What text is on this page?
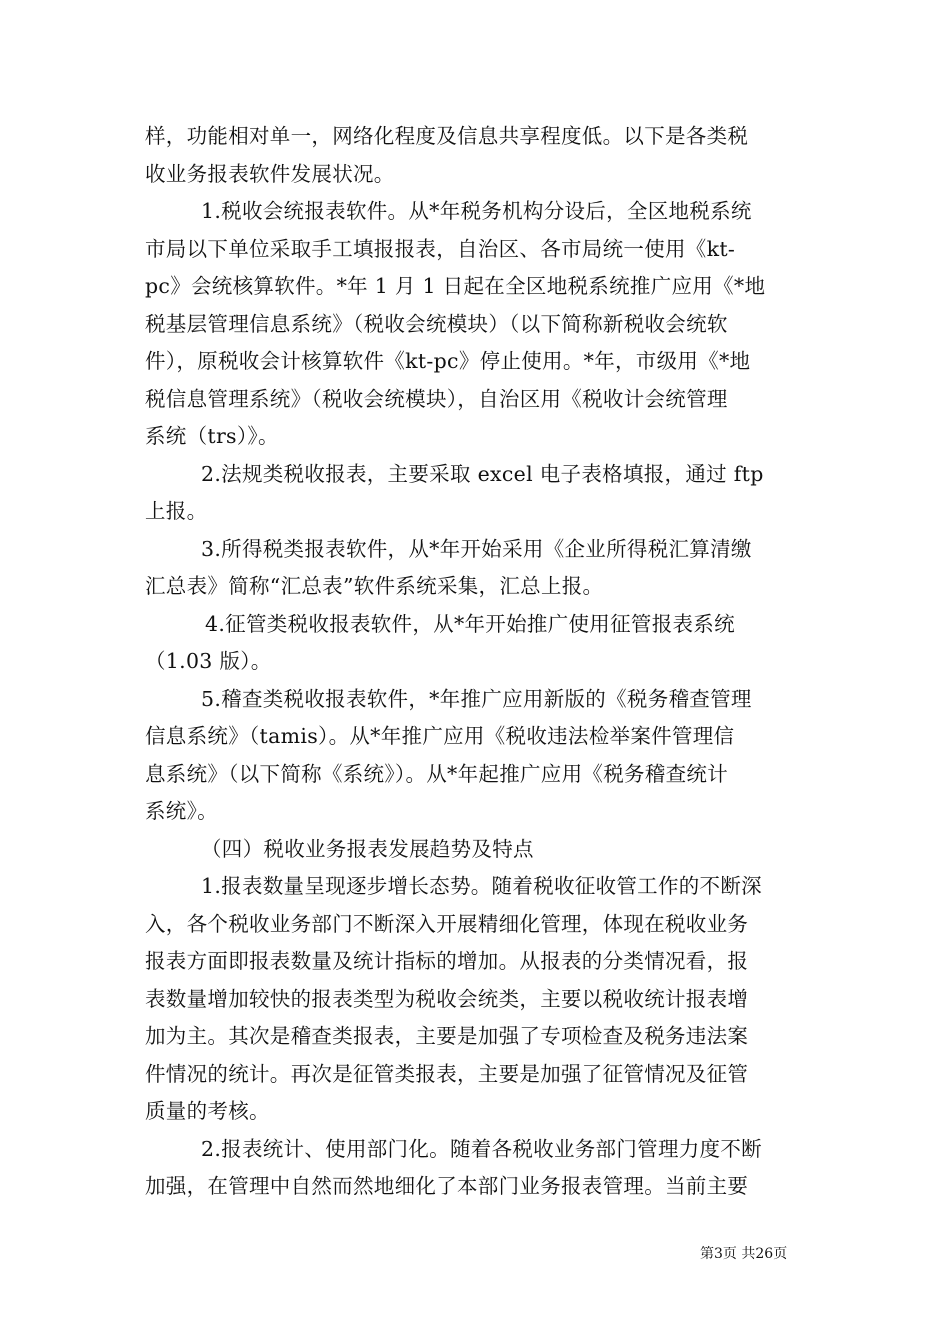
样，功能相对单一，网络化程度及信息共享程度低。以下是各类税
收业务报表软件发展状况。
1.税收会统报表软件。从*年税务机构分设后，全区地税系统
市局以下单位采取手工填报报表，自治区、各市局统一使用《kt-
pc》会统核算软件。*年 1 月 1 日起在全区地税系统推广应用《*地
税基层管理信息系统》（税收会统模块）（以下简称新税收会统软
件），原税收会计核算软件《kt-pc》停止使用。*年，市级用《*地
税信息管理系统》（税收会统模块），自治区用《税收计会统管理
系统（trs）》。
2.法规类税收报表，主要采取 excel 电子表格填报，通过 ftp
上报。
3.所得税类报表软件，从*年开始采用《企业所得税汇算清缴
汇总表》简称“汇总表”软件系统采集，汇总上报。
4.征管类税收报表软件，从*年开始推广使用征管报表系统
（1.03 版）。
5.稽查类税收报表软件，*年推广应用新版的《税务稽查管理
信息系统》（tamis）。从*年推广应用《税收违法检举案件管理信
息系统》（以下简称《系统》）。从*年起推广应用《税务稽查统计
系统》。
（四）税收业务报表发展趋势及特点
1.报表数量呈现逐步增长态势。随着税收征收管工作的不断深
入，各个税收业务部门不断深入开展精细化管理，体现在税收业务
报表方面即报表数量及统计指标的增加。从报表的分类情况看，报
表数量增加较快的报表类型为税收会统类，主要以税收统计报表增
加为主。其次是稽查类报表，主要是加强了专项检查及税务违法案
件情况的统计。再次是征管类报表，主要是加强了征管情况及征管
质量的考核。
2.报表统计、使用部门化。随着各税收业务部门管理力度不断
加强，在管理中自然而然地细化了本部门业务报表管理。当前主要
第3页 共26页
